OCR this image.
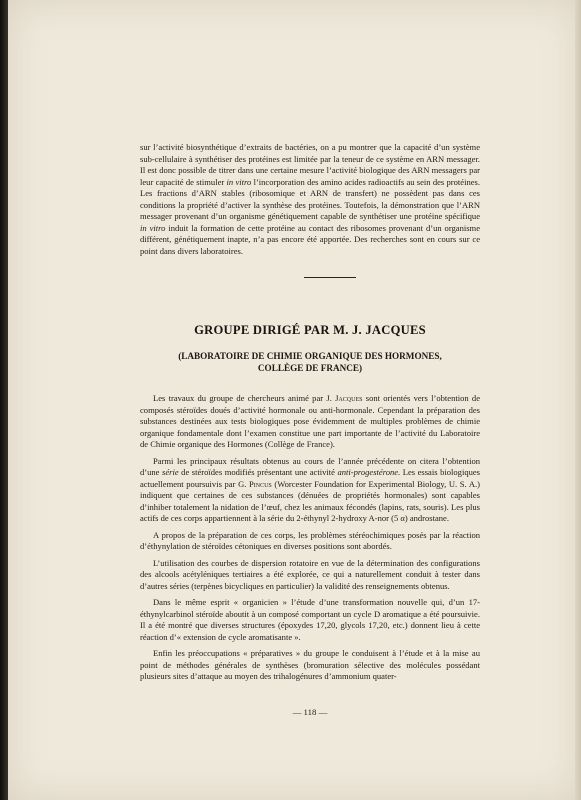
sur l’activité biosynthétique d’extraits de bactéries, on a pu montrer que la capacité d’un système sub-cellulaire à synthétiser des protéines est limitée par la teneur de ce système en ARN messager. Il est donc possible de titrer dans une certaine mesure l’activité biologique des ARN messagers par leur capacité de stimuler in vitro l’incorporation des amino acides radioactifs au sein des protéines. Les fractions d’ARN stables (ribosomique et ARN de transfert) ne possèdent pas dans ces conditions la propriété d’activer la synthèse des protéines. Toutefois, la démonstration que l’ARN messager provenant d’un organisme génétiquement capable de synthétiser une protéine spécifique in vitro induit la formation de cette protéine au contact des ribosomes provenant d’un organisme différent, génétiquement inapte, n’a pas encore été apportée. Des recherches sont en cours sur ce point dans divers laboratoires.

GROUPE DIRIGÉ PAR M. J. JACQUES
(LABORATOIRE DE CHIMIE ORGANIQUE DES HORMONES,
COLLÈGE DE FRANCE)

Les travaux du groupe de chercheurs animé par J. Jacques sont orientés vers l’obtention de composés stéroïdes doués d’activité hormonale ou anti-hormonale. Cependant la préparation des substances destinées aux tests biologiques pose évidemment de multiples problèmes de chimie organique fondamentale dont l’examen constitue une part importante de l’activité du Laboratoire de Chimie organique des Hormones (Collège de France).

Parmi les principaux résultats obtenus au cours de l’année précédente on citera l’obtention d’une série de stéroïdes modifiés présentant une activité anti-progestérone. Les essais biologiques actuellement poursuivis par G. Pincus (Worcester Foundation for Experimental Biology, U. S. A.) indiquent que certaines de ces substances (dénuées de propriétés hormonales) sont capables d’inhiber totalement la nidation de l’œuf, chez les animaux fécondés (lapins, rats, souris). Les plus actifs de ces corps appartiennent à la série du 2-éthynyl 2-hydroxy A-nor (5 α) androstane.

A propos de la préparation de ces corps, les problèmes stéréochimiques posés par la réaction d’éthynylation de stéroïdes cétoniques en diverses positions sont abordés.

L’utilisation des courbes de dispersion rotatoire en vue de la détermination des configurations des alcools acétyléniques tertiaires a été explorée, ce qui a naturellement conduit à tester dans d’autres séries (terpènes bicycliques en particulier) la validité des renseignements obtenus.

Dans le même esprit « organicien » l’étude d’une transformation nouvelle qui, d’un 17-éthynylcarbinol stéroïde aboutit à un composé comportant un cycle D aromatique a été poursuivie. Il a été montré que diverses structures (époxydes 17,20, glycols 17,20, etc.) donnent lieu à cette réaction d’« extension de cycle aromatisante ».

Enfin les préoccupations « préparatives » du groupe le conduisent à l’étude et à la mise au point de méthodes générales de synthèses (bromuration sélective des molécules possédant plusieurs sites d’attaque au moyen des trihalogénures d’ammonium quater-

— 118 —
